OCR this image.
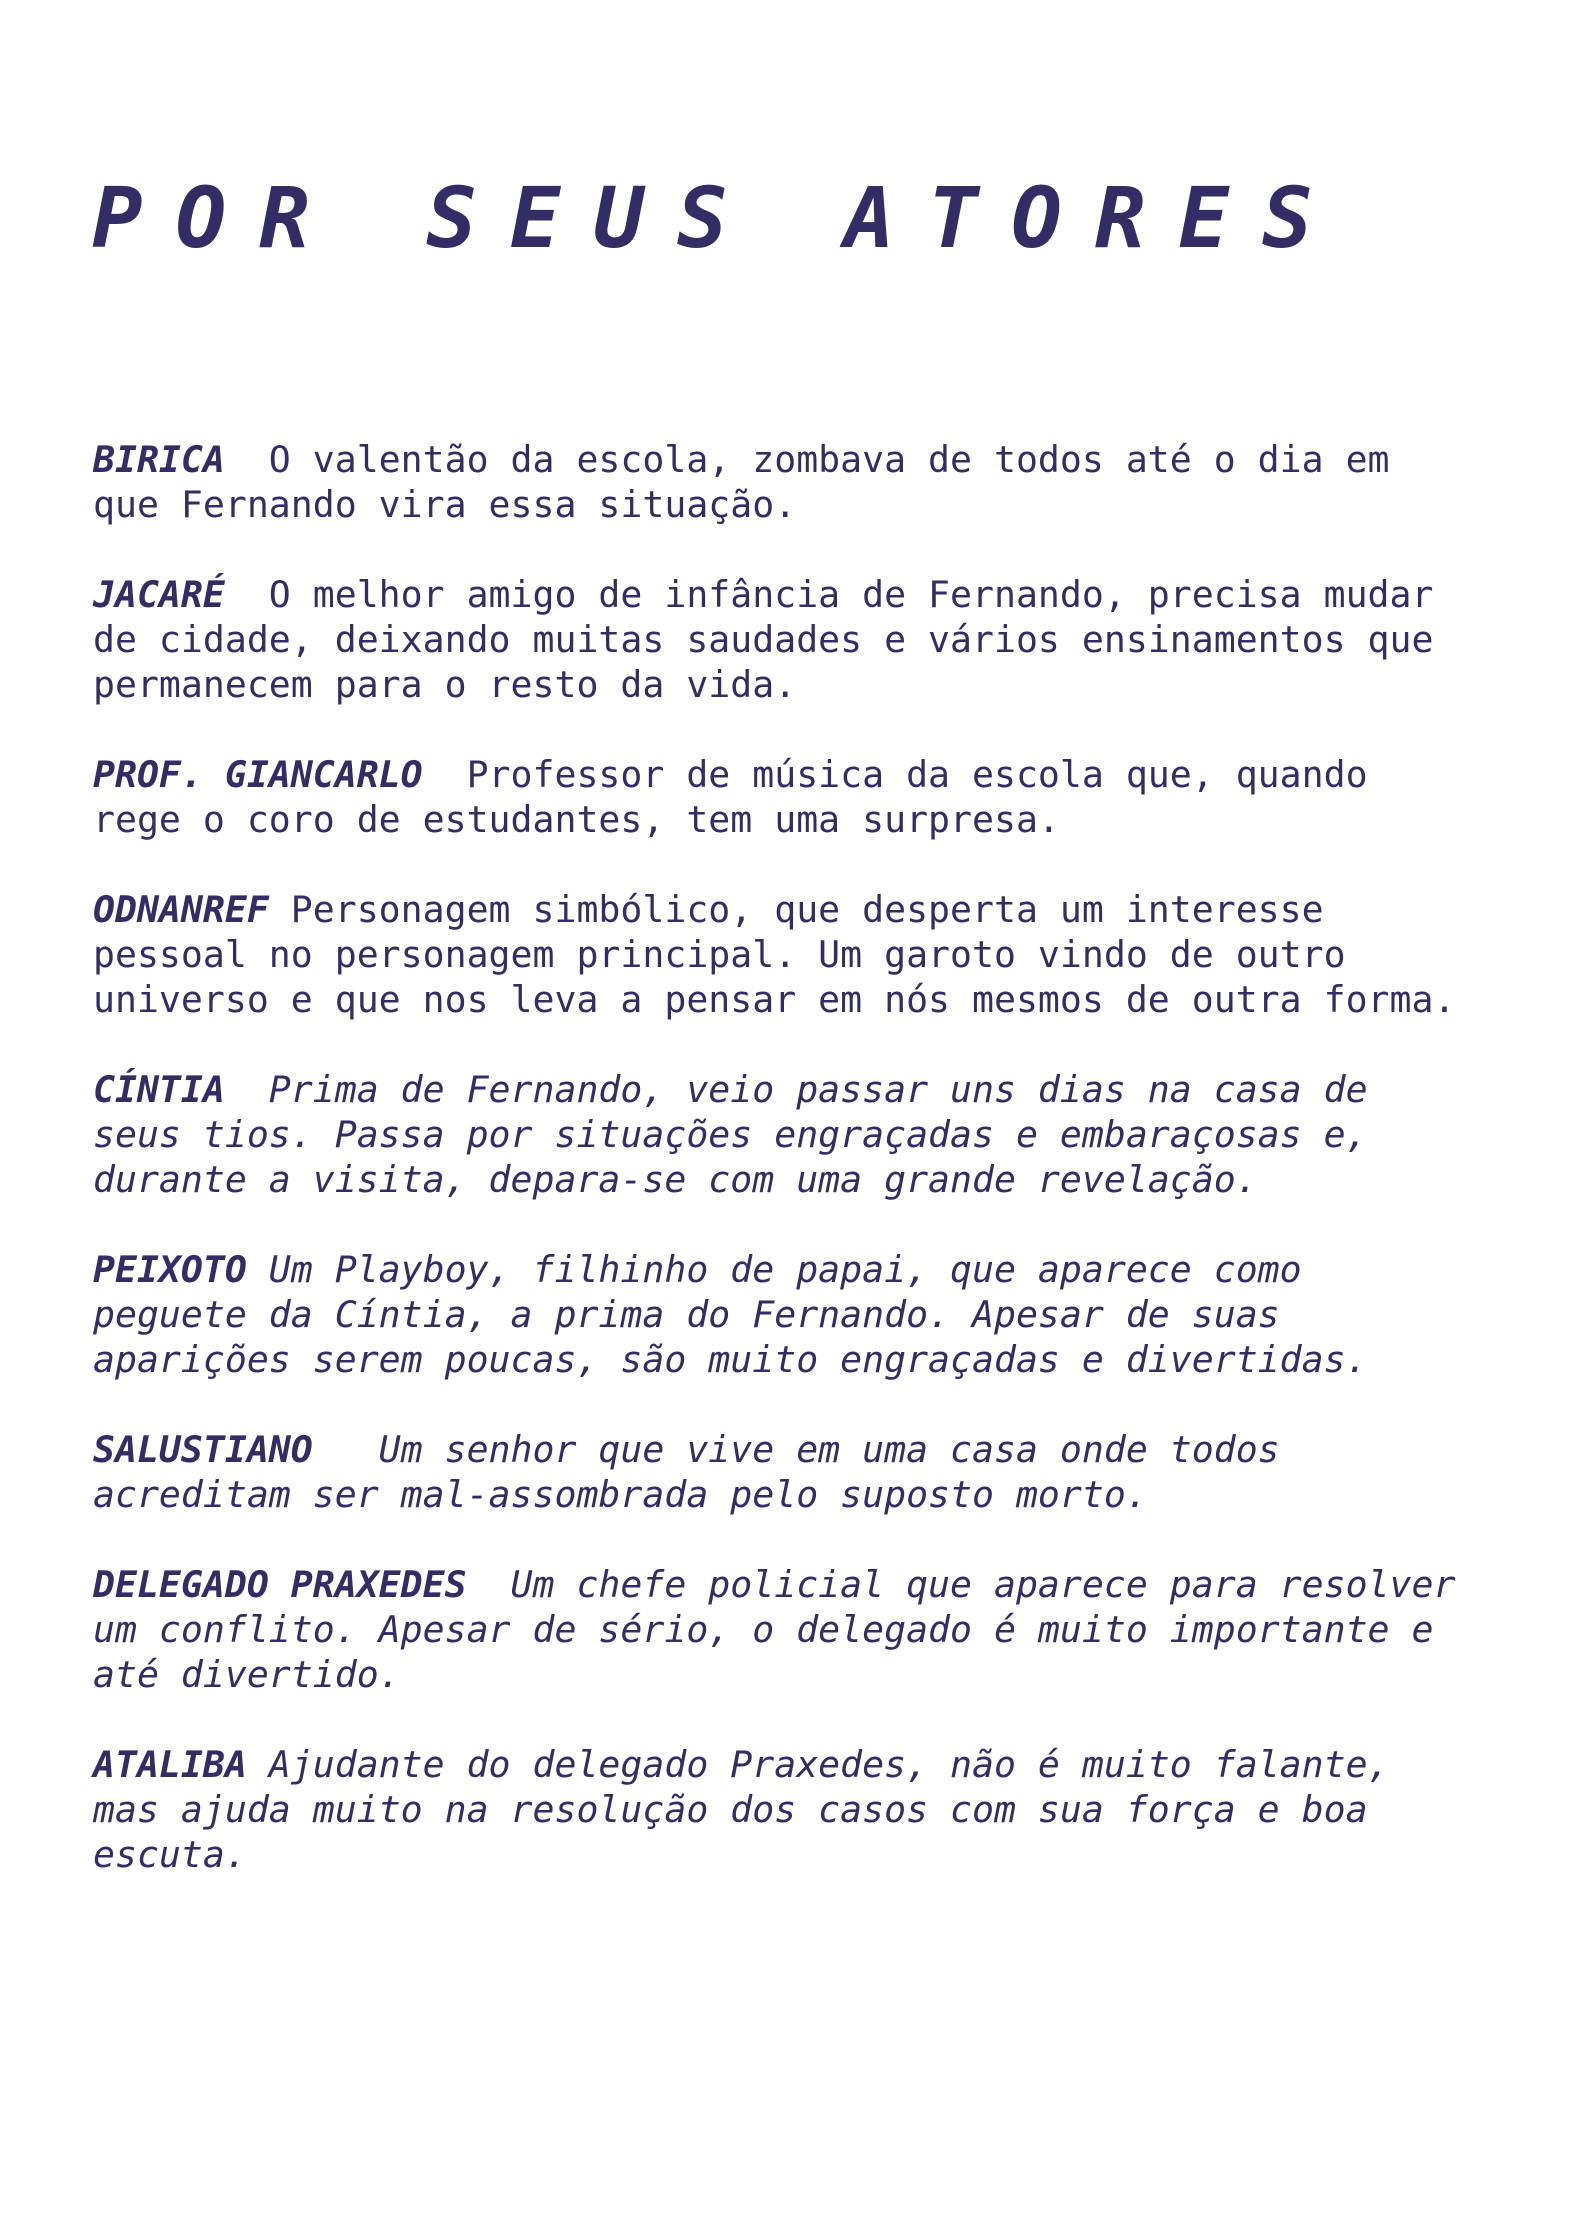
POR SEUS ATORES

BIRICA  O valentão da escola, zombava de todos até o dia em
que Fernando vira essa situação.

JACARÉ  O melhor amigo de infância de Fernando, precisa mudar
de cidade, deixando muitas saudades e vários ensinamentos que
permanecem para o resto da vida.

PROF. GIANCARLO  Professor de música da escola que, quando
rege o coro de estudantes, tem uma surpresa.

ODNANREF Personagem simbólico, que desperta um interesse
pessoal no personagem principal. Um garoto vindo de outro
universo e que nos leva a pensar em nós mesmos de outra forma.

CÍNTIA  Prima de Fernando, veio passar uns dias na casa de
seus tios. Passa por situações engraçadas e embaraçosas e,
durante a visita, depara-se com uma grande revelação.

PEIXOTO Um Playboy, filhinho de papai, que aparece como
peguete da Cíntia, a prima do Fernando. Apesar de suas
aparições serem poucas, são muito engraçadas e divertidas.

SALUSTIANO   Um senhor que vive em uma casa onde todos
acreditam ser mal-assombrada pelo suposto morto.

DELEGADO PRAXEDES  Um chefe policial que aparece para resolver
um conflito. Apesar de sério, o delegado é muito importante e
até divertido.

ATALIBA Ajudante do delegado Praxedes, não é muito falante,
mas ajuda muito na resolução dos casos com sua força e boa
escuta.
